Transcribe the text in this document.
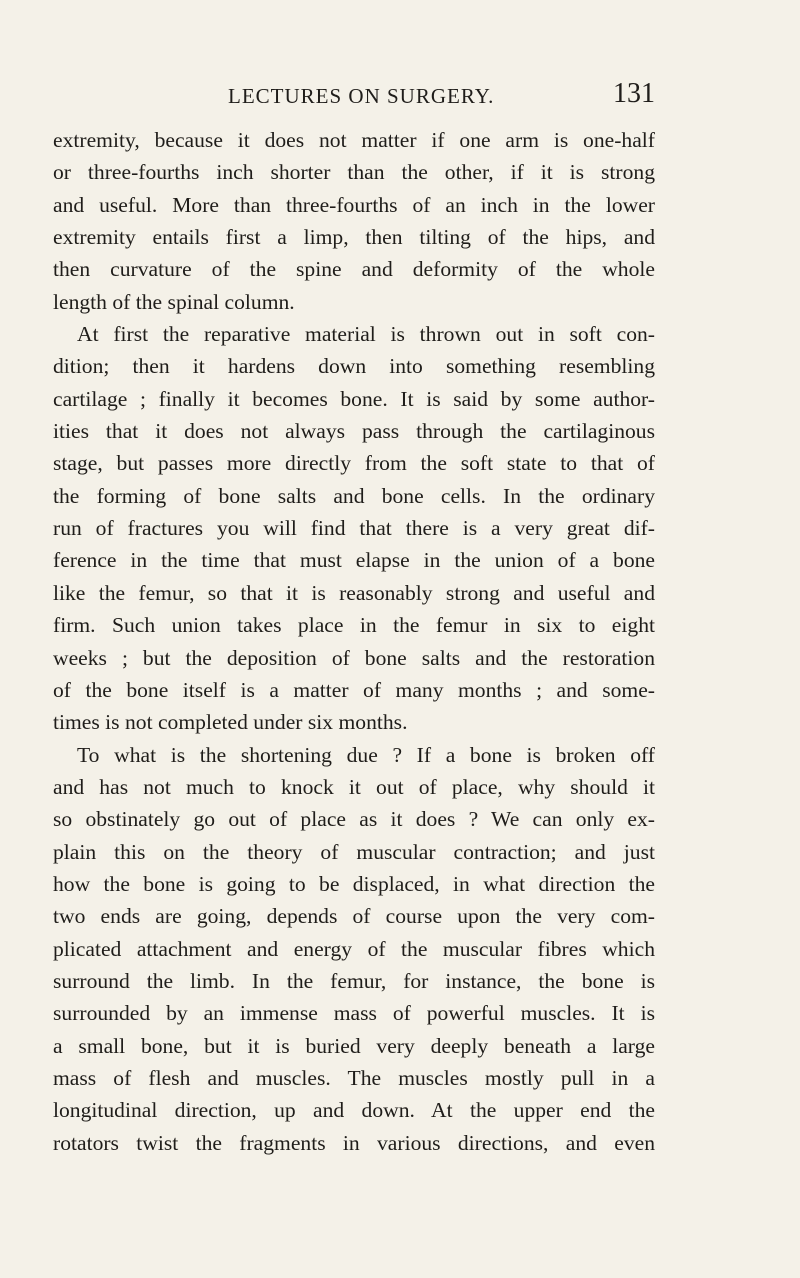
LECTURES ON SURGERY.	131

extremity, because it does not matter if one arm is one-half
or three-fourths inch shorter than the other, if it is strong
and useful. More than three-fourths of an inch in the lower
extremity entails first a limp, then tilting of the hips, and
then curvature of the spine and deformity of the whole
length of the spinal column.

At first the reparative material is thrown out in soft con-
dition; then it hardens down into something resembling
cartilage ; finally it becomes bone. It is said by some author-
ities that it does not always pass through the cartilaginous
stage, but passes more directly from the soft state to that of
the forming of bone salts and bone cells. In the ordinary
run of fractures you will find that there is a very great dif-
ference in the time that must elapse in the union of a bone
like the femur, so that it is reasonably strong and useful and
firm. Such union takes place in the femur in six to eight
weeks ; but the deposition of bone salts and the restoration
of the bone itself is a matter of many months ; and some-
times is not completed under six months.

To what is the shortening due ? If a bone is broken off
and has not much to knock it out of place, why should it
so obstinately go out of place as it does ? We can only ex-
plain this on the theory of muscular contraction; and just
how the bone is going to be displaced, in what direction the
two ends are going, depends of course upon the very com-
plicated attachment and energy of the muscular fibres which
surround the limb. In the femur, for instance, the bone is
surrounded by an immense mass of powerful muscles. It is
a small bone, but it is buried very deeply beneath a large
mass of flesh and muscles. The muscles mostly pull in a
longitudinal direction, up and down. At the upper end the
rotators twist the fragments in various directions, and even
